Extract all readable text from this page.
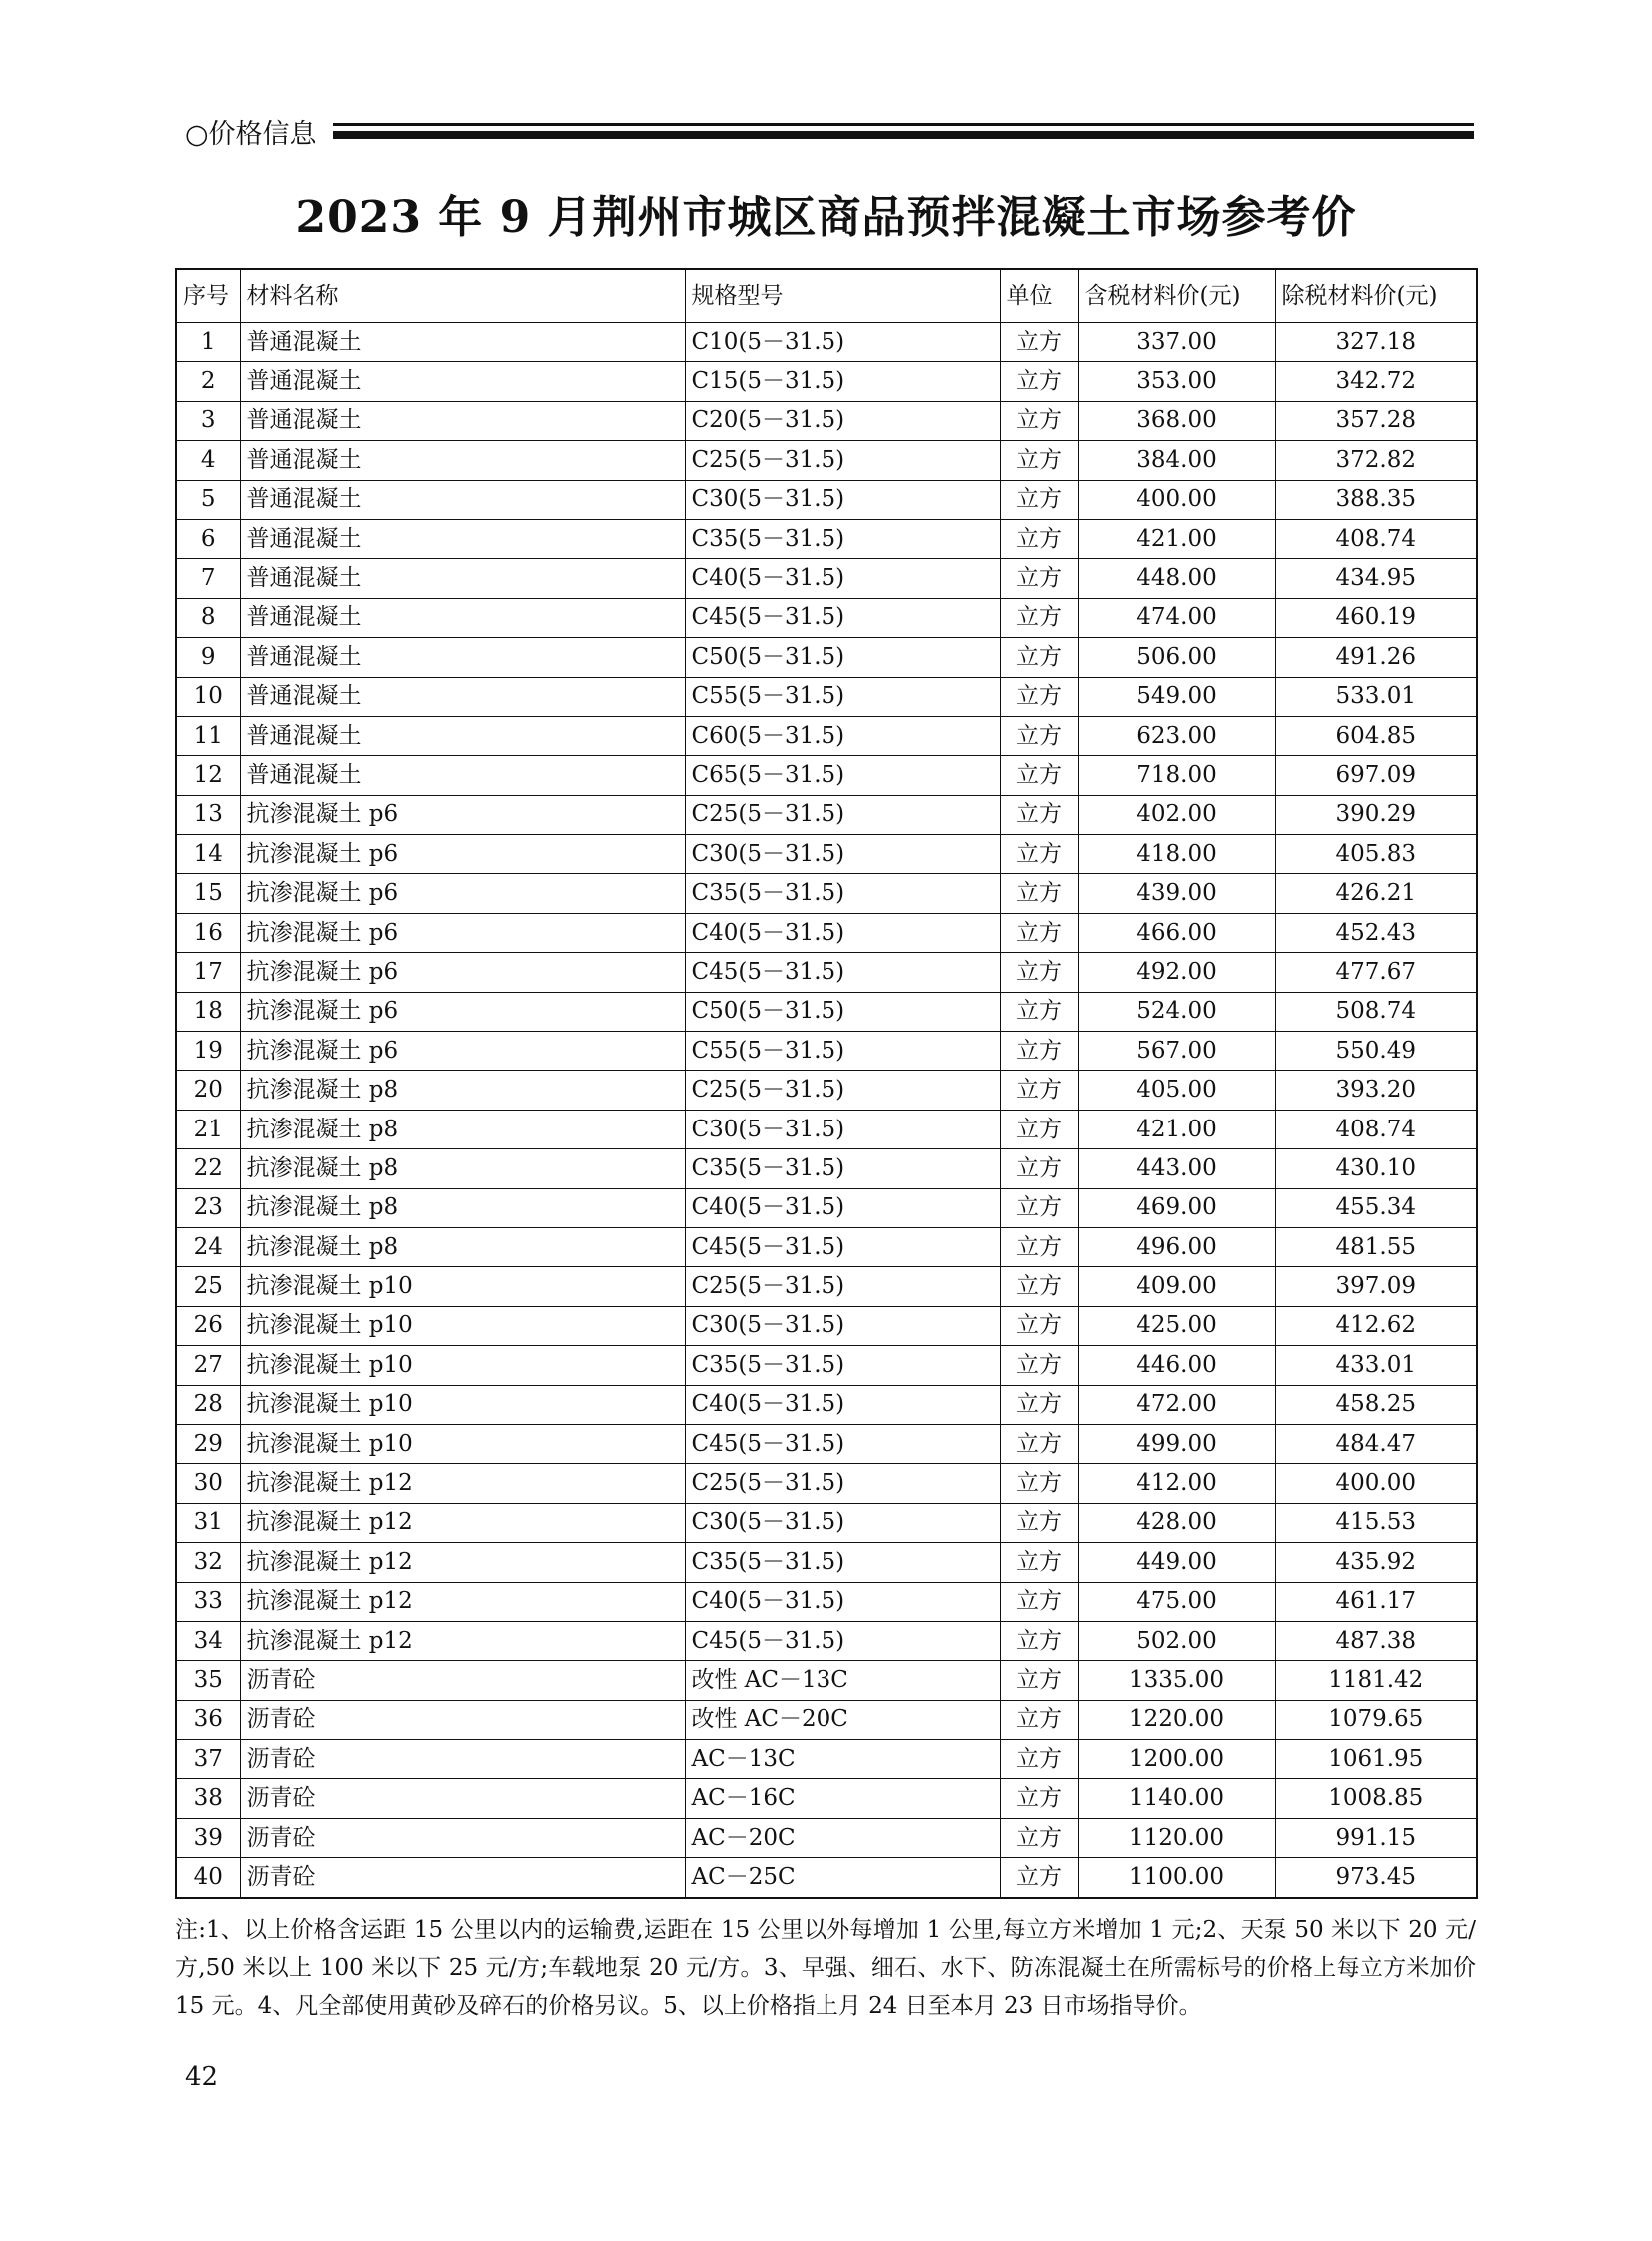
○价格信息
2023 年 9 月荆州市城区商品预拌混凝土市场参考价
序号	材料名称	规格型号	单位	含税材料价(元)	除税材料价(元)
1	普通混凝土	C10(5－31.5)	立方	337.00	327.18
2	普通混凝土	C15(5－31.5)	立方	353.00	342.72
3	普通混凝土	C20(5－31.5)	立方	368.00	357.28
4	普通混凝土	C25(5－31.5)	立方	384.00	372.82
5	普通混凝土	C30(5－31.5)	立方	400.00	388.35
6	普通混凝土	C35(5－31.5)	立方	421.00	408.74
7	普通混凝土	C40(5－31.5)	立方	448.00	434.95
8	普通混凝土	C45(5－31.5)	立方	474.00	460.19
9	普通混凝土	C50(5－31.5)	立方	506.00	491.26
10	普通混凝土	C55(5－31.5)	立方	549.00	533.01
11	普通混凝土	C60(5－31.5)	立方	623.00	604.85
12	普通混凝土	C65(5－31.5)	立方	718.00	697.09
13	抗渗混凝土 p6	C25(5－31.5)	立方	402.00	390.29
14	抗渗混凝土 p6	C30(5－31.5)	立方	418.00	405.83
15	抗渗混凝土 p6	C35(5－31.5)	立方	439.00	426.21
16	抗渗混凝土 p6	C40(5－31.5)	立方	466.00	452.43
17	抗渗混凝土 p6	C45(5－31.5)	立方	492.00	477.67
18	抗渗混凝土 p6	C50(5－31.5)	立方	524.00	508.74
19	抗渗混凝土 p6	C55(5－31.5)	立方	567.00	550.49
20	抗渗混凝土 p8	C25(5－31.5)	立方	405.00	393.20
21	抗渗混凝土 p8	C30(5－31.5)	立方	421.00	408.74
22	抗渗混凝土 p8	C35(5－31.5)	立方	443.00	430.10
23	抗渗混凝土 p8	C40(5－31.5)	立方	469.00	455.34
24	抗渗混凝土 p8	C45(5－31.5)	立方	496.00	481.55
25	抗渗混凝土 p10	C25(5－31.5)	立方	409.00	397.09
26	抗渗混凝土 p10	C30(5－31.5)	立方	425.00	412.62
27	抗渗混凝土 p10	C35(5－31.5)	立方	446.00	433.01
28	抗渗混凝土 p10	C40(5－31.5)	立方	472.00	458.25
29	抗渗混凝土 p10	C45(5－31.5)	立方	499.00	484.47
30	抗渗混凝土 p12	C25(5－31.5)	立方	412.00	400.00
31	抗渗混凝土 p12	C30(5－31.5)	立方	428.00	415.53
32	抗渗混凝土 p12	C35(5－31.5)	立方	449.00	435.92
33	抗渗混凝土 p12	C40(5－31.5)	立方	475.00	461.17
34	抗渗混凝土 p12	C45(5－31.5)	立方	502.00	487.38
35	沥青砼	改性 AC－13C	立方	1335.00	1181.42
36	沥青砼	改性 AC－20C	立方	1220.00	1079.65
37	沥青砼	AC－13C	立方	1200.00	1061.95
38	沥青砼	AC－16C	立方	1140.00	1008.85
39	沥青砼	AC－20C	立方	1120.00	991.15
40	沥青砼	AC－25C	立方	1100.00	973.45

注:1、以上价格含运距 15 公里以内的运输费,运距在 15 公里以外每增加 1 公里,每立方米增加 1 元;2、天泵 50 米以下 20 元/方,50 米以上 100 米以下 25 元/方;车载地泵 20 元/方。3、早强、细石、水下、防冻混凝土在所需标号的价格上每立方米加价 15 元。4、凡全部使用黄砂及碎石的价格另议。5、以上价格指上月 24 日至本月 23 日市场指导价。

42
